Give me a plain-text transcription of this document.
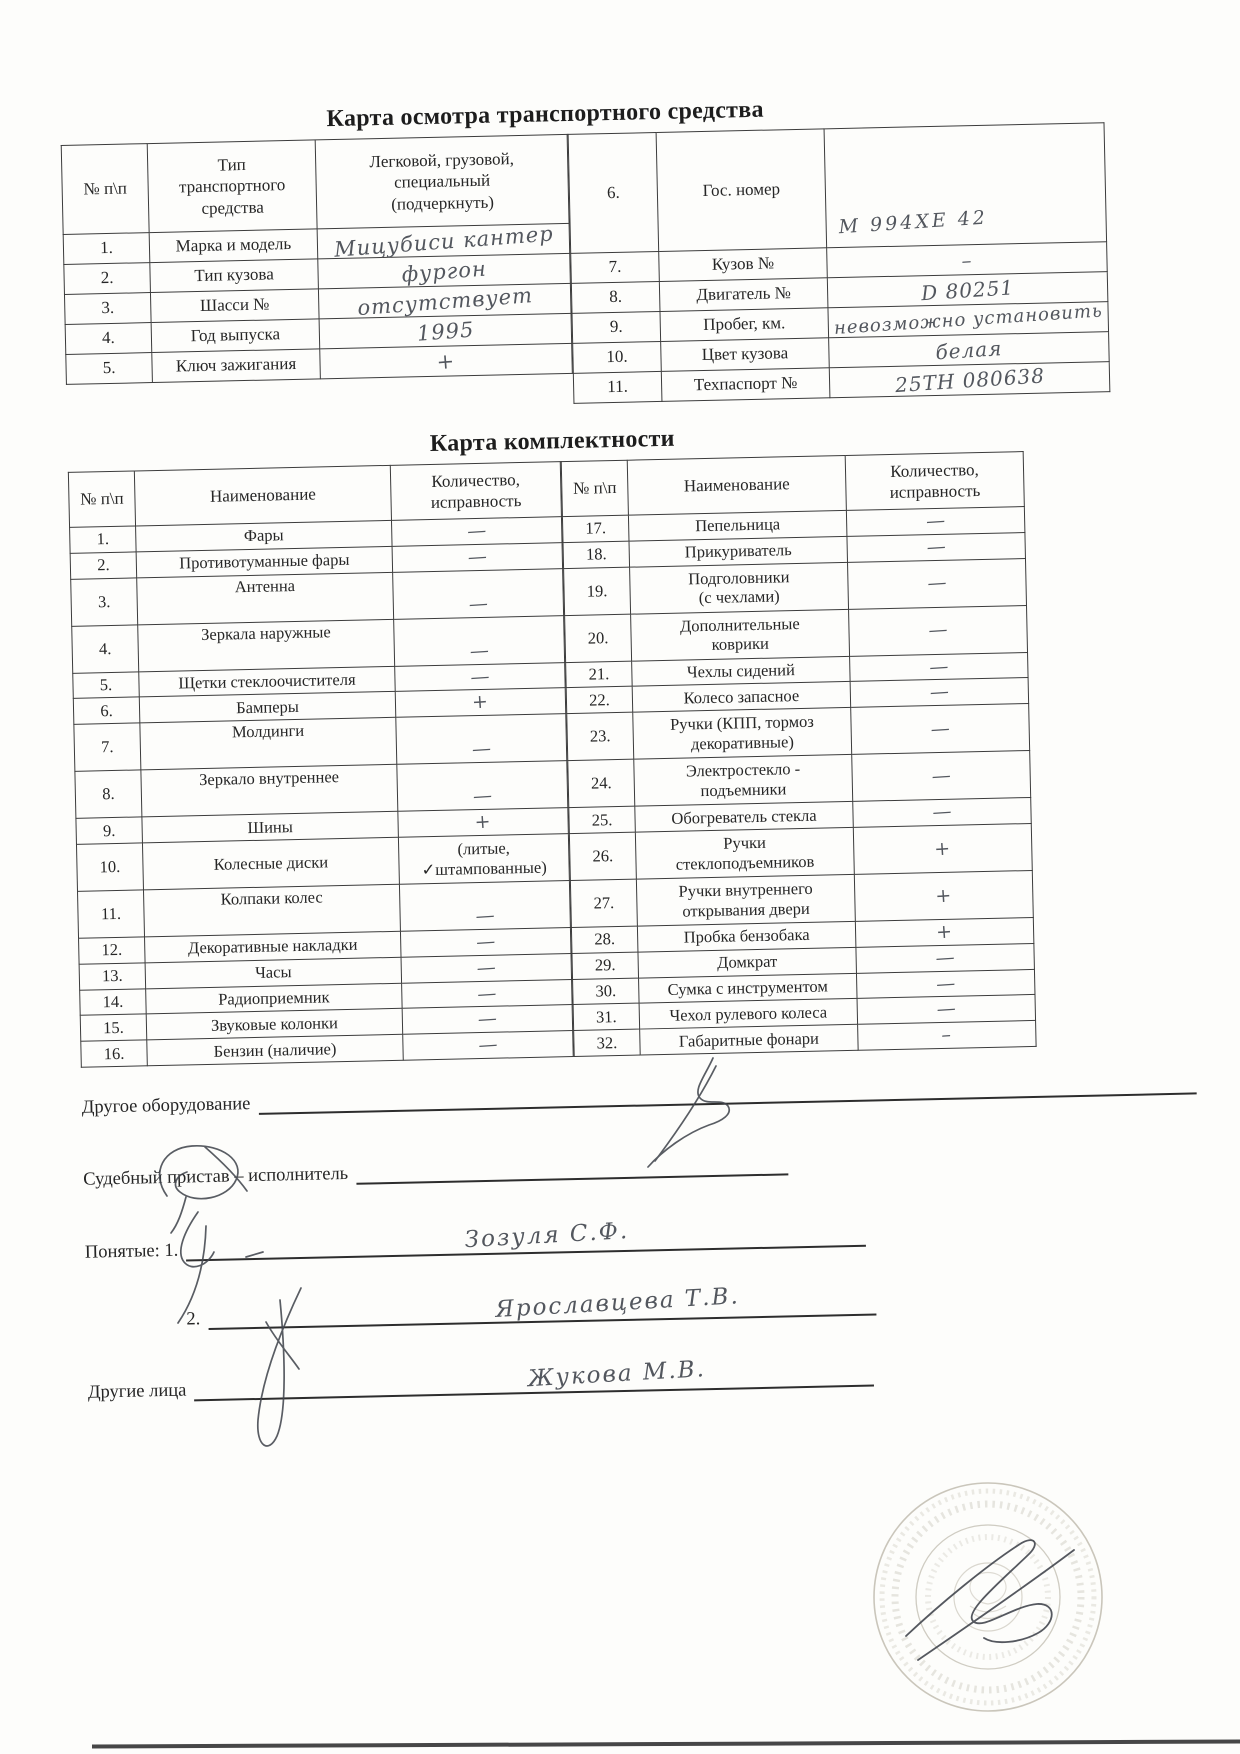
Карта осмотра транспортного средства
№ п\п	Тип
транспортного
средства	Легковой, грузовой,
специальный
(подчеркнуть)
1.	Марка и модель	Мицубиси кантер
2.	Тип кузова	фургон
3.	Шасси №	отсутствует
4.	Год выпуска	1995
5.	Ключ зажигания	+
6.	Гос. номер	М 994ХЕ 42

7.	Кузов №	–
8.	Двигатель №	D 80251
9.	Пробег, км.	невозможно установить
10.	Цвет кузова	белая
11.	Техпаспорт №	25ТН 080638
Карта комплектности
№ п\п	Наименование	Количество,
исправность
1.	Фары	—
2.	Противотуманные фары	—
3.	Антенна	—
4.	Зеркала наружные	—
5.	Щетки стеклоочистителя	—
6.	Бамперы	+
7.	Молдинги	—
8.	Зеркало внутреннее	—
9.	Шины	+
10.	Колесные диски	(литые,
✓штампованные)
11.	Колпаки колес	—
12.	Декоративные накладки	—
13.	Часы	—
14.	Радиоприемник	—
15.	Звуковые колонки	—
16.	Бензин (наличие)	—
№ п\п	Наименование	Количество,
исправность
17.	Пепельница	—
18.	Прикуриватель	—
19.	Подголовники
(с чехлами)	—
20.	Дополнительные
коврики	—
21.	Чехлы сидений	—
22.	Колесо запасное	—
23.	Ручки (КПП, тормоз
декоративные)	—
24.	Электростекло -
подъемники	—
25.	Обогреватель стекла	—
26.	Ручки
стеклоподъемников	+
27.	Ручки внутреннего
открывания двери	+
28.	Пробка бензобака	+
29.	Домкрат	—
30.	Сумка с инструментом	—
31.	Чехол рулевого колеса	—
32.	Габаритные фонари	–
Другое оборудование
Судебный пристав – исполнитель
Понятые: 1.	Зозуля С.Ф.
2.	Ярославцева Т.В.
Другие лица	Жукова М.В.
